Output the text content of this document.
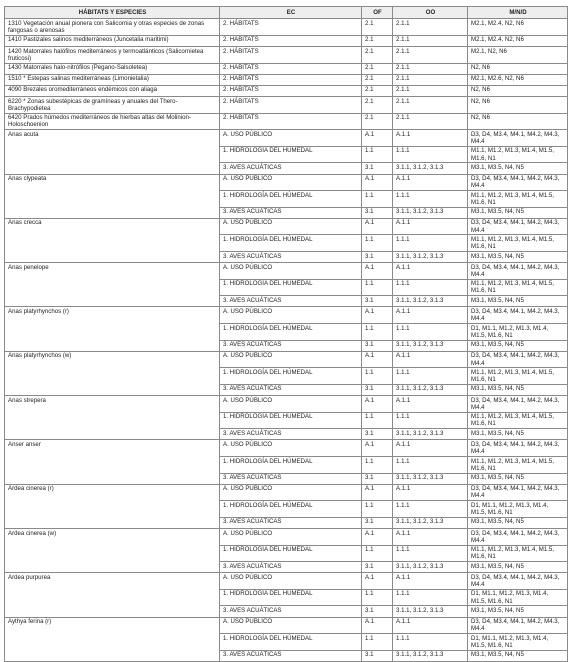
HÁBITATS Y ESPECIES	EC	OF	OO	M/N/D
1310 Vegetación anual pionera con Salicornia y otras especies de zonas fangosas o arenosas	2. HÁBITATS	2.1	2.1.1	M2.1, M2.4, N2, N6
1410 Pastizales salinos mediterráneos (Juncetalia maritimi)	2. HÁBITATS	2.1	2.1.1	M2.1, M2.4, N2, N6
1420 Matorrales halófilos mediterráneos y termoatlánticos (Salicornietea fruticosi)	2. HÁBITATS	2.1	2.1.1	M2.1, N2, N6
1430 Matorrales halo-nitrófilos (Pegano-Salsoletea)	2. HÁBITATS	2.1	2.1.1	N2, N6
1510 * Estepas salinas mediterráneas (Limonietalia)	2. HÁBITATS	2.1	2.1.1	M2.1, M2.6, N2, N6
4090 Brezales oromediterráneos endémicos con aliaga	2. HÁBITATS	2.1	2.1.1	N2, N6
6220 * Zonas subestépicas de gramíneas y anuales del Thero-Brachypodietea	2. HÁBITATS	2.1	2.1.1	N2, N6
6420 Prados húmedos mediterráneos de hierbas altas del Molinion-Holoschoenion	2. HÁBITATS	2.1	2.1.1	N2, N6
Anas acuta	A. USO PÚBLICO	A.1	A.1.1	D3, D4, M3.4, M4.1, M4.2, M4.3, M4.4
	1. HIDROLOGÍA DEL HÚMEDAL	1.1	1.1.1	M1.1, M1.2, M1.3, M1.4, M1.5, M1.6, N1
	3. AVES ACUÁTICAS	3.1	3.1.1, 3.1.2, 3.1.3	M3.1, M3.5, N4, N5
Anas clypeata	A. USO PÚBLICO	A.1	A.1.1	D3, D4, M3.4, M4.1, M4.2, M4.3, M4.4
	1. HIDROLOGÍA DEL HÚMEDAL	1.1	1.1.1	M1.1, M1.2, M1.3, M1.4, M1.5, M1.6, N1
	3. AVES ACUÁTICAS	3.1	3.1.1, 3.1.2, 3.1.3	M3.1, M3.5, N4, N5
Anas crecca	A. USO PÚBLICO	A.1	A.1.1	D3, D4, M3.4, M4.1, M4.2, M4.3, M4.4
	1. HIDROLOGÍA DEL HÚMEDAL	1.1	1.1.1	M1.1, M1.2, M1.3, M1.4, M1.5, M1.6, N1
	3. AVES ACUÁTICAS	3.1	3.1.1, 3.1.2, 3.1.3	M3.1, M3.5, N4, N5
Anas penelope	A. USO PÚBLICO	A.1	A.1.1	D3, D4, M3.4, M4.1, M4.2, M4.3, M4.4
	1. HIDROLOGÍA DEL HÚMEDAL	1.1	1.1.1	M1.1, M1.2, M1.3, M1.4, M1.5, M1.6, N1
	3. AVES ACUÁTICAS	3.1	3.1.1, 3.1.2, 3.1.3	M3.1, M3.5, N4, N5
Anas platyrhynchos (r)	A. USO PÚBLICO	A.1	A.1.1	D3, D4, M3.4, M4.1, M4.2, M4.3, M4.4
	1. HIDROLOGÍA DEL HÚMEDAL	1.1	1.1.1	D1, M1.1, M1.2, M1.3, M1.4, M1.5, M1.6, N1
	3. AVES ACUÁTICAS	3.1	3.1.1, 3.1.2, 3.1.3	M3.1, M3.5, N4, N5
Anas platyrhynchos (w)	A. USO PÚBLICO	A.1	A.1.1	D3, D4, M3.4, M4.1, M4.2, M4.3, M4.4
	1. HIDROLOGÍA DEL HÚMEDAL	1.1	1.1.1	M1.1, M1.2, M1.3, M1.4, M1.5, M1.6, N1
	3. AVES ACUÁTICAS	3.1	3.1.1, 3.1.2, 3.1.3	M3.1, M3.5, N4, N5
Anas strepera	A. USO PÚBLICO	A.1	A.1.1	D3, D4, M3.4, M4.1, M4.2, M4.3, M4.4
	1. HIDROLOGÍA DEL HÚMEDAL	1.1	1.1.1	M1.1, M1.2, M1.3, M1.4, M1.5, M1.6, N1
	3. AVES ACUÁTICAS	3.1	3.1.1, 3.1.2, 3.1.3	M3.1, M3.5, N4, N5
Anser anser	A. USO PÚBLICO	A.1	A.1.1	D3, D4, M3.4, M4.1, M4.2, M4.3, M4.4
	1. HIDROLOGÍA DEL HÚMEDAL	1.1	1.1.1	M1.1, M1.2, M1.3, M1.4, M1.5, M1.6, N1
	3. AVES ACUÁTICAS	3.1	3.1.1, 3.1.2, 3.1.3	M3.1, M3.5, N4, N5
Ardea cinerea (r)	A. USO PÚBLICO	A.1	A.1.1	D3, D4, M3.4, M4.1, M4.2, M4.3, M4.4
	1. HIDROLOGÍA DEL HÚMEDAL	1.1	1.1.1	D1, M1.1, M1.2, M1.3, M1.4, M1.5, M1.6, N1
	3. AVES ACUÁTICAS	3.1	3.1.1, 3.1.2, 3.1.3	M3.1, M3.5, N4, N5
Ardea cinerea (w)	A. USO PÚBLICO	A.1	A.1.1	D3, D4, M3.4, M4.1, M4.2, M4.3, M4.4
	1. HIDROLOGÍA DEL HÚMEDAL	1.1	1.1.1	M1.1, M1.2, M1.3, M1.4, M1.5, M1.6, N1
	3. AVES ACUÁTICAS	3.1	3.1.1, 3.1.2, 3.1.3	M3.1, M3.5, N4, N5
Ardea purpurea	A. USO PÚBLICO	A.1	A.1.1	D3, D4, M3.4, M4.1, M4.2, M4.3, M4.4
	1. HIDROLOGÍA DEL HÚMEDAL	1.1	1.1.1	D1, M1.1, M1.2, M1.3, M1.4, M1.5, M1.6, N1
	3. AVES ACUÁTICAS	3.1	3.1.1, 3.1.2, 3.1.3	M3.1, M3.5, N4, N5
Aythya ferina (r)	A. USO PÚBLICO	A.1	A.1.1	D3, D4, M3.4, M4.1, M4.2, M4.3, M4.4
	1. HIDROLOGÍA DEL HÚMEDAL	1.1	1.1.1	D1, M1.1, M1.2, M1.3, M1.4, M1.5, M1.6, N1
	3. AVES ACUÁTICAS	3.1	3.1.1, 3.1.2, 3.1.3	M3.1, M3.5, N4, N5
